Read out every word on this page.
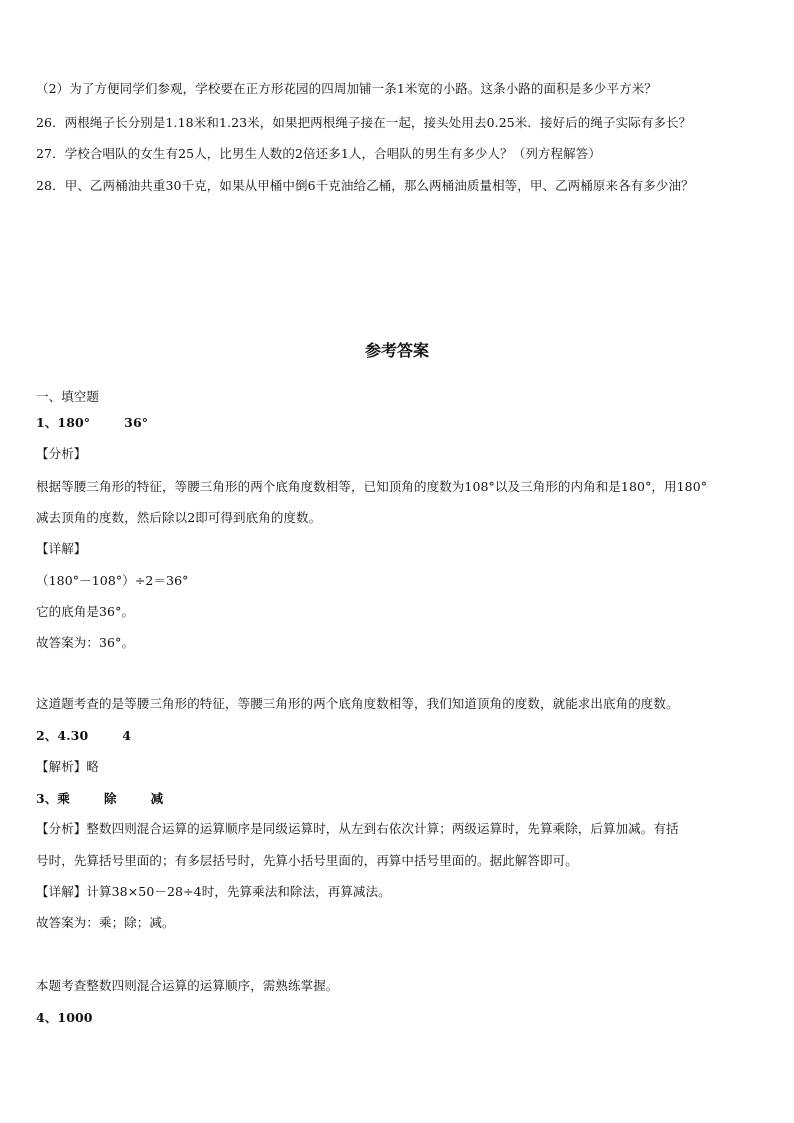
（2）为了方便同学们参观，学校要在正方形花园的四周加铺一条1米宽的小路。这条小路的面积是多少平方米？
26．两根绳子长分别是1.18米和1.23米，如果把两根绳子接在一起，接头处用去0.25米．接好后的绳子实际有多长？
27．学校合唱队的女生有25人，比男生人数的2倍还多1人，合唱队的男生有多少人？（列方程解答）
28．甲、乙两桶油共重30千克，如果从甲桶中倒6千克油给乙桶，那么两桶油质量相等，甲、乙两桶原来各有多少油？
参考答案
一、填空题
1、180°	36°
【分析】
根据等腰三角形的特征，等腰三角形的两个底角度数相等，已知顶角的度数为108°以及三角形的内角和是180°，用180°
减去顶角的度数，然后除以2即可得到底角的度数。
【详解】
（180°－108°）÷2＝36°
它的底角是36°。
故答案为：36°。
这道题考查的是等腰三角形的特征，等腰三角形的两个底角度数相等，我们知道顶角的度数，就能求出底角的度数。
2、4.30	4
【解析】略
3、乘	除	减
【分析】整数四则混合运算的运算顺序是同级运算时，从左到右依次计算；两级运算时，先算乘除，后算加减。有括
号时，先算括号里面的；有多层括号时，先算小括号里面的，再算中括号里面的。据此解答即可。
【详解】计算38×50－28÷4时，先算乘法和除法，再算减法。
故答案为：乘；除；减。
本题考查整数四则混合运算的运算顺序，需熟练掌握。
4、1000
